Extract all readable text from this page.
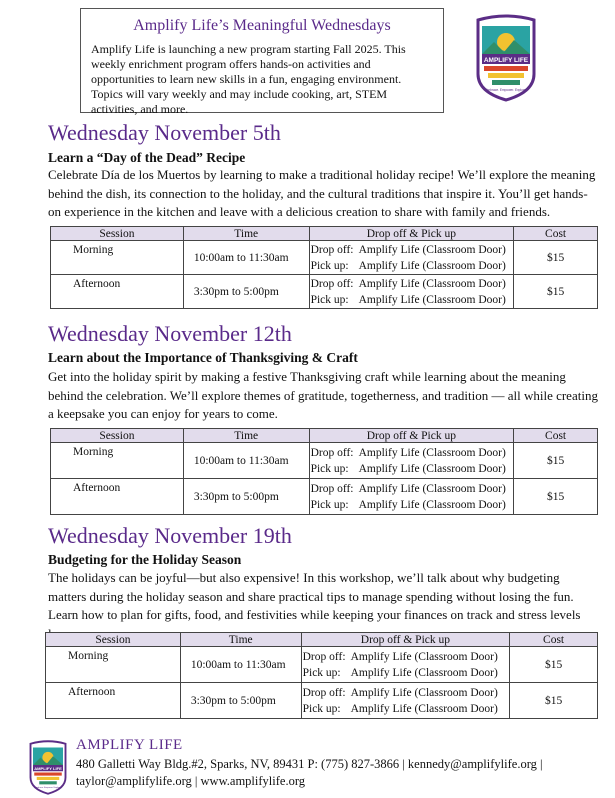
Amplify Life’s Meaningful Wednesdays
Amplify Life is launching a new program starting Fall 2025. This weekly enrichment program offers hands-on activities and opportunities to learn new skills in a fun, engaging environment. Topics will vary weekly and may include cooking, art, STEM activities, and more.
AMPLIFY LIFE
Embrace. Empower. Explore.
Wednesday November 5th
Learn a “Day of the Dead” Recipe
Celebrate Día de los Muertos by learning to make a traditional holiday recipe! We’ll explore the meaning behind the dish, its connection to the holiday, and the cultural traditions that inspire it. You’ll get hands-on experience in the kitchen and leave with a delicious creation to share with family and friends.
Session	Time	Drop off & Pick up	Cost
Morning	10:00am to 11:30am	Drop off: Amplify Life (Classroom Door)
Pick up: Amplify Life (Classroom Door)	$15
Afternoon	3:30pm to 5:00pm	Drop off: Amplify Life (Classroom Door)
Pick up: Amplify Life (Classroom Door)	$15
Wednesday November 12th
Learn about the Importance of Thanksgiving & Craft
Get into the holiday spirit by making a festive Thanksgiving craft while learning about the meaning behind the celebration. We’ll explore themes of gratitude, togetherness, and tradition — all while creating a keepsake you can enjoy for years to come.
Session	Time	Drop off & Pick up	Cost
Morning	10:00am to 11:30am	Drop off: Amplify Life (Classroom Door)
Pick up: Amplify Life (Classroom Door)	$15
Afternoon	3:30pm to 5:00pm	Drop off: Amplify Life (Classroom Door)
Pick up: Amplify Life (Classroom Door)	$15
Wednesday November 19th
Budgeting for the Holiday Season
The holidays can be joyful—but also expensive! In this workshop, we’ll talk about why budgeting matters during the holiday season and share practical tips to manage spending without losing the fun. Learn how to plan for gifts, food, and festivities while keeping your finances on track and stress levels
Session	Time	Drop off & Pick up	Cost
Morning	10:00am to 11:30am	Drop off: Amplify Life (Classroom Door)
Pick up: Amplify Life (Classroom Door)	$15
Afternoon	3:30pm to 5:00pm	Drop off: Amplify Life (Classroom Door)
Pick up: Amplify Life (Classroom Door)	$15
AMPLIFY LIFE
Embrace. Empower. Explore.
AMPLIFY LIFE
480 Galletti Way Bldg.#2, Sparks, NV, 89431 P: (775) 827-3866 | kennedy@amplifylife.org |
taylor@amplifylife.org | www.amplifylife.org
